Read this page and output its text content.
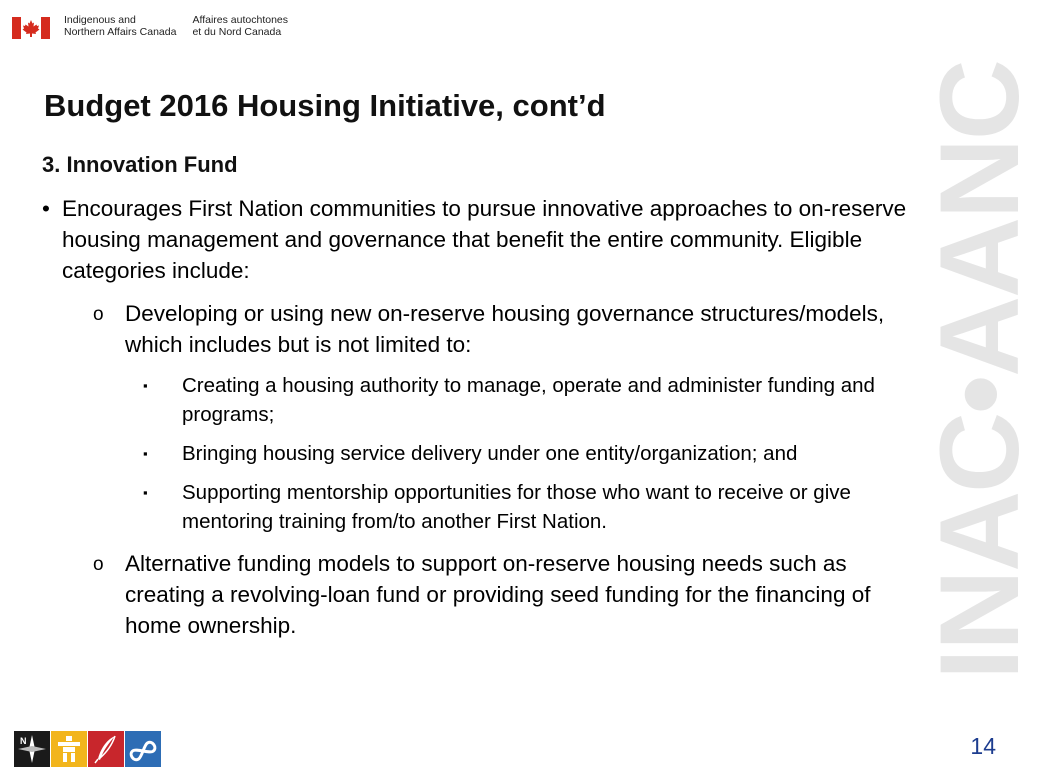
Indigenous and
Northern Affairs Canada
Affaires autochtones
et du Nord Canada
INAC•AANC
Budget 2016 Housing Initiative, cont’d
3. Innovation Fund
• Encourages First Nation communities to pursue innovative approaches to on-reserve housing management and governance that benefit the entire community. Eligible categories include:
o Developing or using new on-reserve housing governance structures/models, which includes but is not limited to:
▪ Creating a housing authority to manage, operate and administer funding and programs;
▪ Bringing housing service delivery under one entity/organization; and
▪ Supporting mentorship opportunities for those who want to receive or give mentoring training from/to another First Nation.
o Alternative funding models to support on-reserve housing needs such as creating a revolving-loan fund or providing seed funding for the financing of home ownership.
N	14
